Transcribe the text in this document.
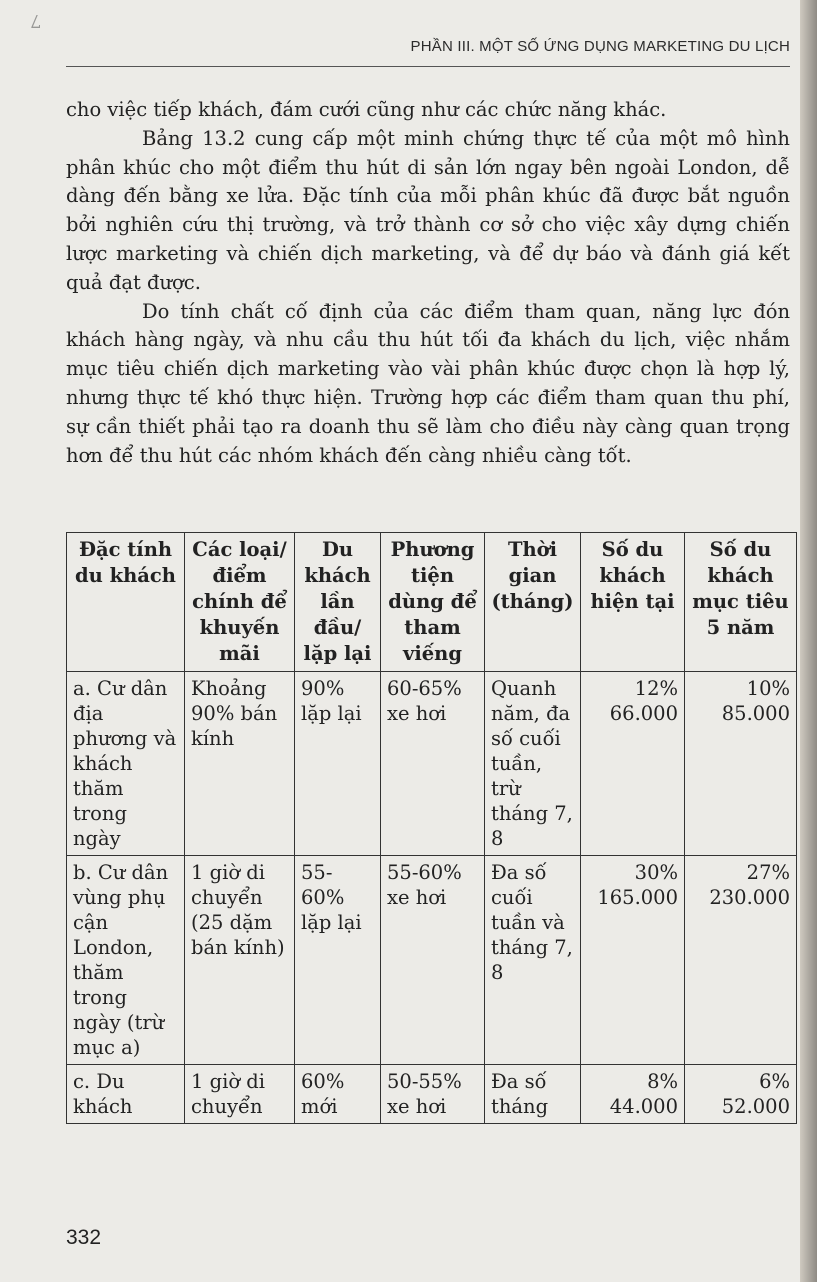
7
PHẦN III. MỘT SỐ ỨNG DỤNG MARKETING DU LỊCH

cho việc tiếp khách, đám cưới cũng như các chức năng khác.

Bảng 13.2 cung cấp một minh chứng thực tế của một mô hình phân khúc cho một điểm thu hút di sản lớn ngay bên ngoài London, dễ dàng đến bằng xe lửa. Đặc tính của mỗi phân khúc đã được bắt nguồn bởi nghiên cứu thị trường, và trở thành cơ sở cho việc xây dựng chiến lược marketing và chiến dịch marketing, và để dự báo và đánh giá kết quả đạt được.

Do tính chất cố định của các điểm tham quan, năng lực đón khách hàng ngày, và nhu cầu thu hút tối đa khách du lịch, việc nhắm mục tiêu chiến dịch marketing vào vài phân khúc được chọn là hợp lý, nhưng thực tế khó thực hiện. Trường hợp các điểm tham quan thu phí, sự cần thiết phải tạo ra doanh thu sẽ làm cho điều này càng quan trọng hơn để thu hút các nhóm khách đến càng nhiều càng tốt.

Đặc tính du khách	Các loại/ điểm chính để khuyến mãi	Du khách lần đầu/ lặp lại	Phương tiện dùng để tham viếng	Thời gian (tháng)	Số du khách hiện tại	Số du khách mục tiêu 5 năm
a. Cư dân địa phương và khách thăm trong ngày	Khoảng 90% bán kính	90% lặp lại	60-65% xe hơi	Quanh năm, đa số cuối tuần, trừ tháng 7, 8	12% 66.000	10% 85.000
b. Cư dân vùng phụ cận London, thăm trong ngày (trừ mục a)	1 giờ di chuyển (25 dặm bán kính)	55-60% lặp lại	55-60% xe hơi	Đa số cuối tuần và tháng 7, 8	30% 165.000	27% 230.000
c. Du khách	1 giờ di chuyển	60% mới	50-55% xe hơi	Đa số tháng	8% 44.000	6% 52.000
332
